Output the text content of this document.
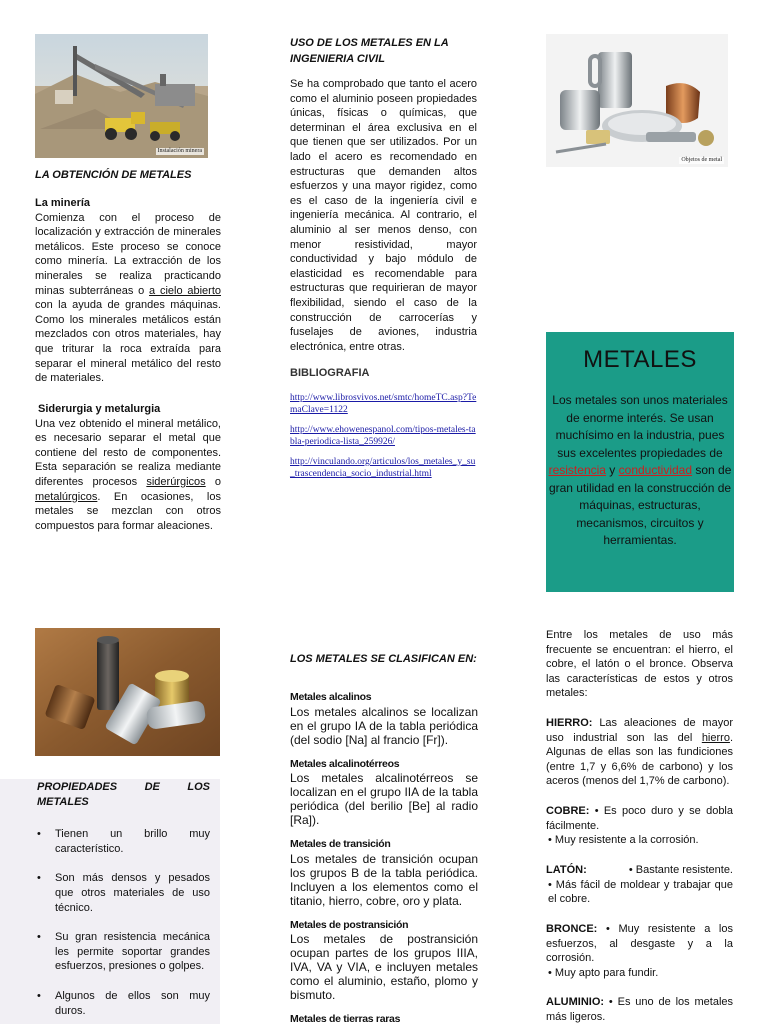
Instalación minera
LA OBTENCIÓN DE METALES
La minería
Comienza con el proceso de localización y extracción de minerales metálicos. Este proceso se conoce como minería. La extracción de los minerales se realiza practicando minas subterráneas o a cielo abierto con la ayuda de grandes máquinas. Como los minerales metálicos están mezclados con otros materiales, hay que triturar la roca extraída para separar el mineral metálico del resto de materiales.
Siderurgia y metalurgia
Una vez obtenido el mineral metálico, es necesario separar el metal que contiene del resto de componentes. Esta separación se realiza mediante diferentes procesos siderúrgicos o metalúrgicos. En ocasiones, los metales se mezclan con otros compuestos para formar aleaciones.
PROPIEDADES DE LOS METALES
• Tienen un brillo muy característico.
• Son más densos y pesados que otros materiales de uso técnico.
• Su gran resistencia mecánica les permite soportar grandes esfuerzos, presiones o golpes.
• Algunos de ellos son muy duros.
USO DE LOS METALES EN LA INGENIERIA CIVIL
Se ha comprobado que tanto el acero como el aluminio poseen propiedades únicas, físicas o químicas, que determinan el área exclusiva en el que tienen que ser utilizados. Por un lado el acero es recomendado en estructuras que demanden altos esfuerzos y una mayor rigidez, como es el caso de la ingeniería civil e ingeniería mecánica. Al contrario, el aluminio al ser menos denso, con menor resistividad, mayor conductividad y bajo módulo de elasticidad es recomendable para estructuras que requirieran de mayor flexibilidad, siendo el caso de la construcción de carrocerías y fuselajes de aviones, industria electrónica, entre otras.
BIBLIOGRAFIA
http://www.librosvivos.net/smtc/homeTC.asp?TemaClave=1122
http://www.ehowenespanol.com/tipos-metales-tabla-periodica-lista_259926/
http://vinculando.org/articulos/los_metales_y_su_trascendencia_socio_industrial.html
LOS METALES SE CLASIFICAN EN:
Metales alcalinos
Los metales alcalinos se localizan en el grupo IA de la tabla periódica (del sodio [Na] al francio [Fr]).
Metales alcalinotérreos
Los metales alcalinotérreos se localizan en el grupo IIA de la tabla periódica (del berilio [Be] al radio [Ra]).
Metales de transición
Los metales de transición ocupan los grupos B de la tabla periódica. Incluyen a los elementos como el titanio, hierro, cobre, oro y plata.
Metales de postransición
Los metales de postransición ocupan partes de los grupos IIIA, IVA, VA y VIA, e incluyen metales como el aluminio, estaño, plomo y bismuto.
Metales de tierras raras
Objetos de metal
METALES
Los metales son unos materiales de enorme interés. Se usan muchísimo en la industria, pues sus excelentes propiedades de resistencia y conductividad son de gran utilidad en la construcción de máquinas, estructuras, mecanismos, circuitos y herramientas.
Entre los metales de uso más frecuente se encuentran: el hierro, el cobre, el latón o el bronce. Observa las características de estos y otros metales:
HIERRO: Las aleaciones de mayor uso industrial son las del hierro. Algunas de ellas son las fundiciones (entre 1,7 y 6,6% de carbono) y los aceros (menos del 1,7% de carbono).
COBRE: • Es poco duro y se dobla fácilmente.
• Muy resistente a la corrosión.
LATÓN:	• Bastante resistente.
• Más fácil de moldear y trabajar que el cobre.
BRONCE: • Muy resistente a los esfuerzos, al desgaste y a la corrosión.
• Muy apto para fundir.
ALUMINIO: • Es uno de los metales más ligeros.
